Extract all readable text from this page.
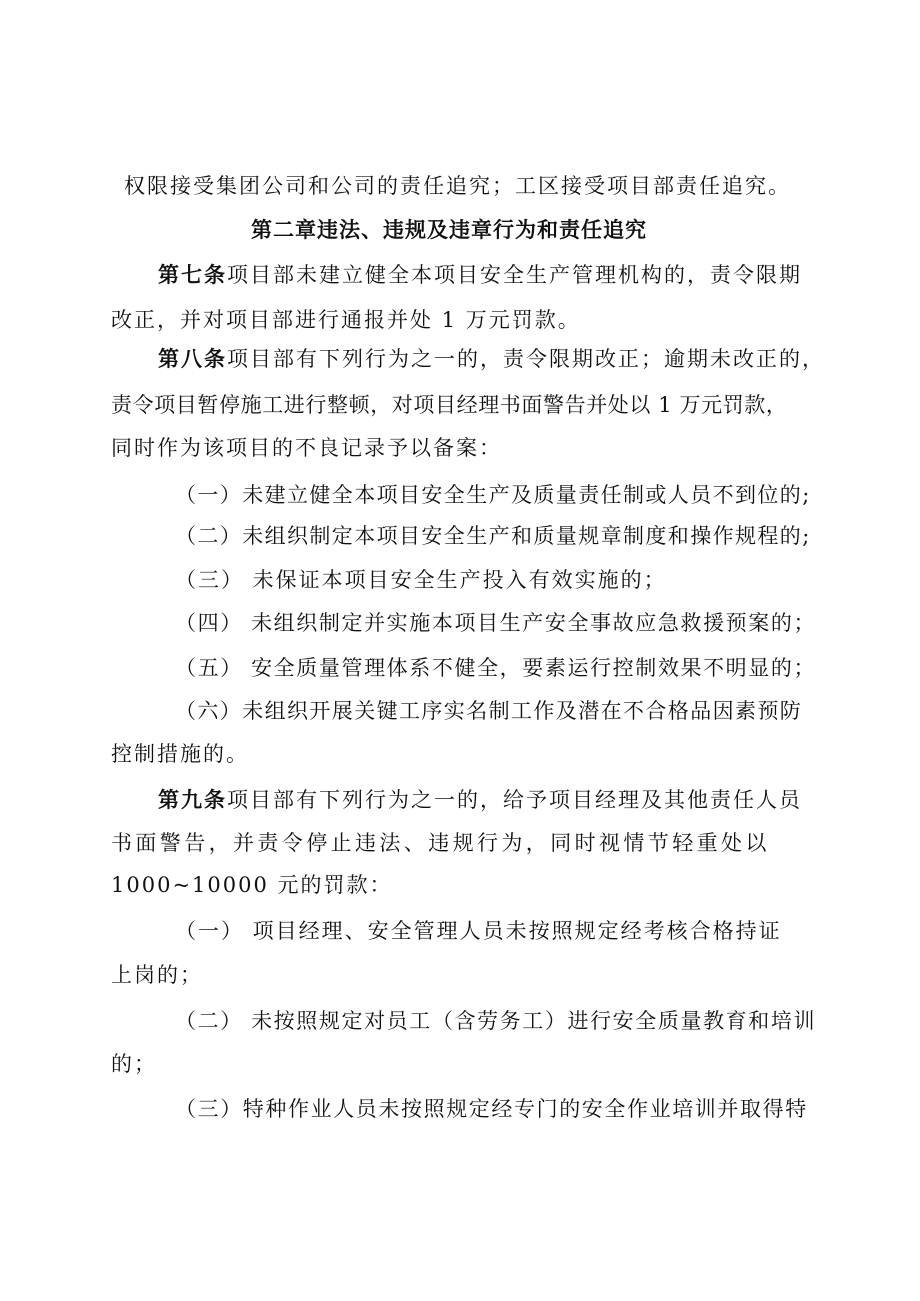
权限接受集团公司和公司的责任追究；工区接受项目部责任追究。
第二章违法、违规及违章行为和责任追究
第七条项目部未建立健全本项目安全生产管理机构的，责令限期
改正，并对项目部进行通报并处 1 万元罚款。
第八条项目部有下列行为之一的，责令限期改正；逾期未改正的，
责令项目暂停施工进行整顿，对项目经理书面警告并处以 1 万元罚款，
同时作为该项目的不良记录予以备案：
（一）未建立健全本项目安全生产及质量责任制或人员不到位的;
（二）未组织制定本项目安全生产和质量规章制度和操作规程的;
（三） 未保证本项目安全生产投入有效实施的；
（四） 未组织制定并实施本项目生产安全事故应急救援预案的；
（五） 安全质量管理体系不健全，要素运行控制效果不明显的；
（六）未组织开展关键工序实名制工作及潜在不合格品因素预防
控制措施的。
第九条项目部有下列行为之一的，给予项目经理及其他责任人员
书面警告，并责令停止违法、违规行为，同时视情节轻重处以
1000~10000 元的罚款：
（一） 项目经理、安全管理人员未按照规定经考核合格持证
上岗的；
（二） 未按照规定对员工（含劳务工）进行安全质量教育和培训
的；
（三）特种作业人员未按照规定经专门的安全作业培训并取得特
